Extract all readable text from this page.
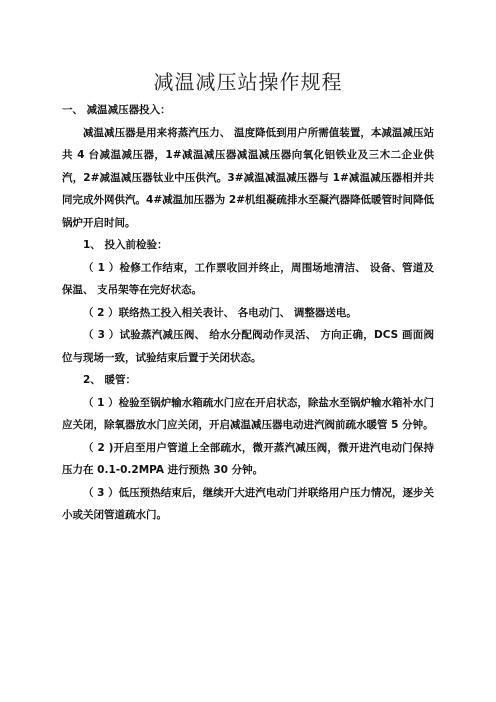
减温减压站操作规程

一、 减温减压器投入：

减温减压器是用来将蒸汽压力、 温度降低到用户所需值装置，本减温减压站共 4 台减温减压器，1#减温减压器减温减压器向氧化铝铁业及三木二企业供汽，2#减温减压器钛业中压供汽。3#减温减温减压器与 1#减温减压器相并共同完成外网供汽。4#减温加压器为 2#机组凝疏排水至凝汽器降低暖管时间降低锅炉开启时间。

1、 投入前检验：

（ 1 ）检修工作结束，工作票收回并终止，周围场地清洁、 设备、管道及保温、 支吊架等在完好状态。

（ 2 ）联络热工投入相关表计、 各电动门、 调整器送电。

（ 3 ）试验蒸汽减压阀、 给水分配阀动作灵活、 方向正确，DCS 画面阀位与现场一致，试验结束后置于关闭状态。

2、 暖管：

（ 1 ）检验至锅炉输水箱疏水门应在开启状态，除盐水至锅炉输水箱补水门应关闭，除氧器放水门应关闭，开启减温减压器电动进汽阀前疏水暖管 5 分钟。

（ 2 )开启至用户管道上全部疏水，微开蒸汽减压阀，微开进汽电动门保持压力在 0.1-0.2MPA 进行预热 30 分钟。

（ 3 ）低压预热结束后，继续开大进汽电动门并联络用户压力情况，逐步关小或关闭管道疏水门。
